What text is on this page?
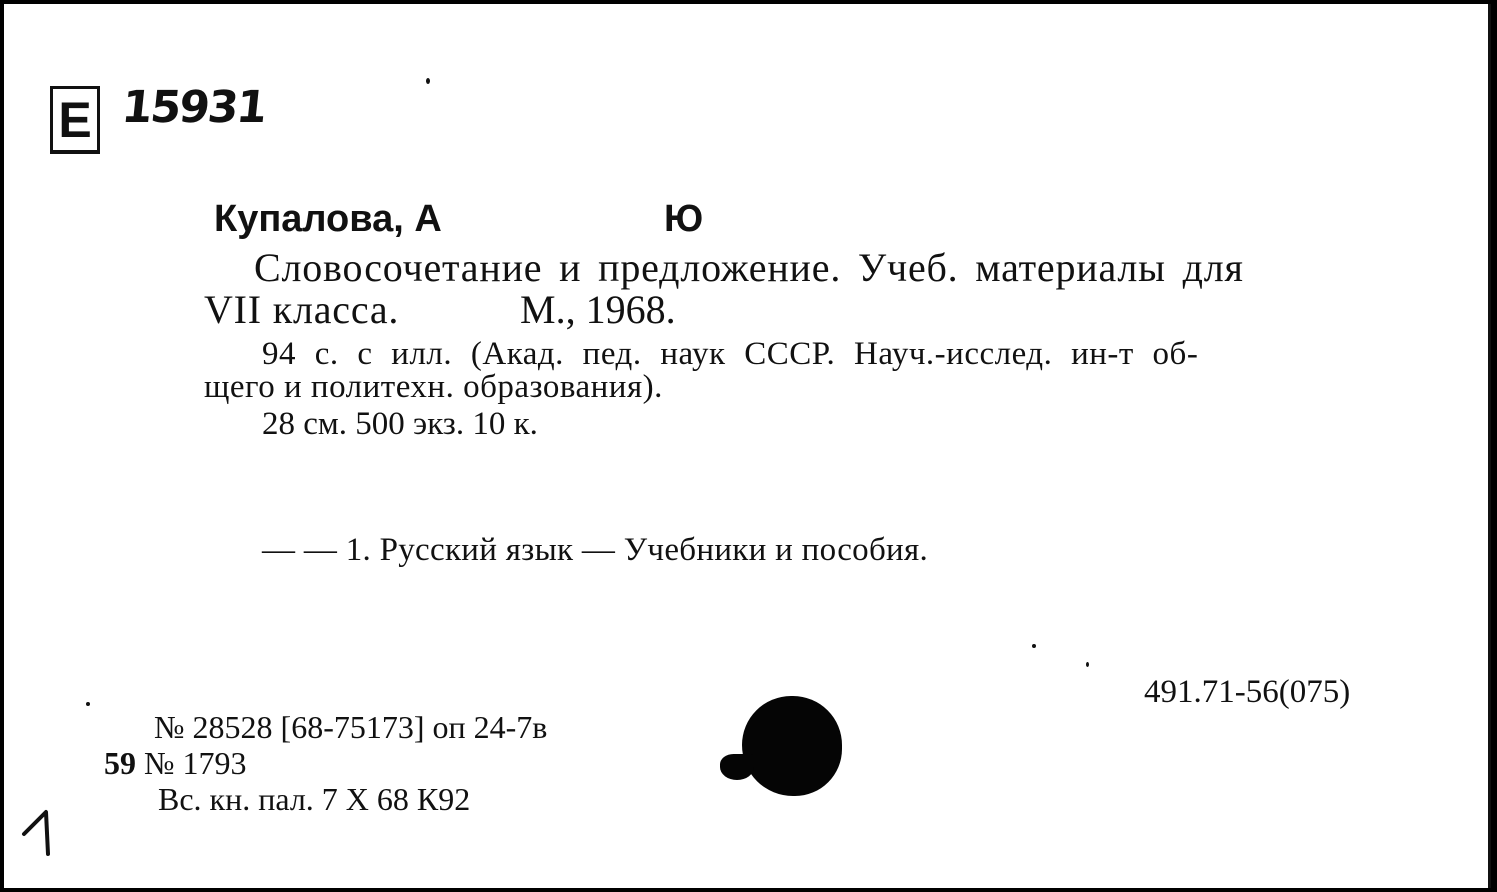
Е 15931
Купалова, А	Ю
Словосочетание и предложение. Учеб. материалы для
VII класса.	М., 1968.
94 с. с илл. (Акад. пед. наук СССР. Науч.-исслед. ин-т об-
щего и политехн. образования).
28 см. 500 экз. 10 к.
— — 1. Русский язык — Учебники и пособия.
491.71-56(075)
№ 28528 [68-75173] оп 24-7в
59 № 1793
Вс. кн. пал. 7 X 68 К92
